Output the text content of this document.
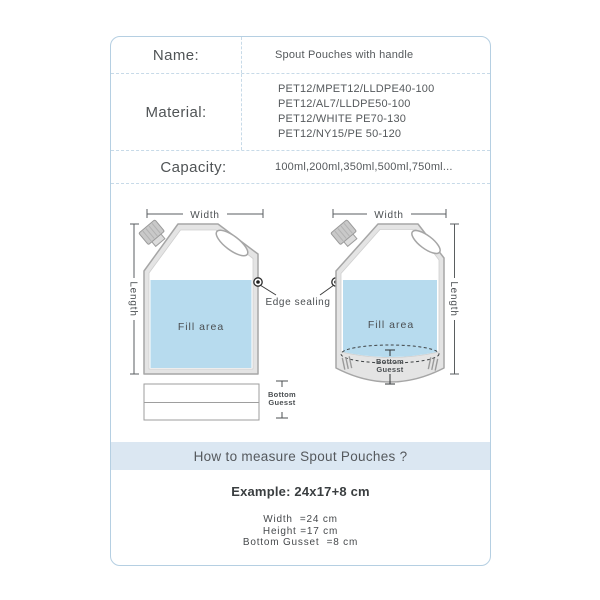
Name:	Spout Pouches with handle
Material:
PET12/MPET12/LLDPE40-100
PET12/AL7/LLDPE50-100
PET12/WHITE PE70-130
PET12/NY15/PE 50-120
Capacity:	100ml,200ml,350ml,500ml,750ml...
Width
Length
Fill area
Bottom
Guesst
Edge sealing
Width
Length
Fill area
Bottom
Guesst
How to measure Spout Pouches ?
Example: 24x17+8 cm
Width  =24 cm
Height =17 cm
Bottom Gusset  =8 cm
